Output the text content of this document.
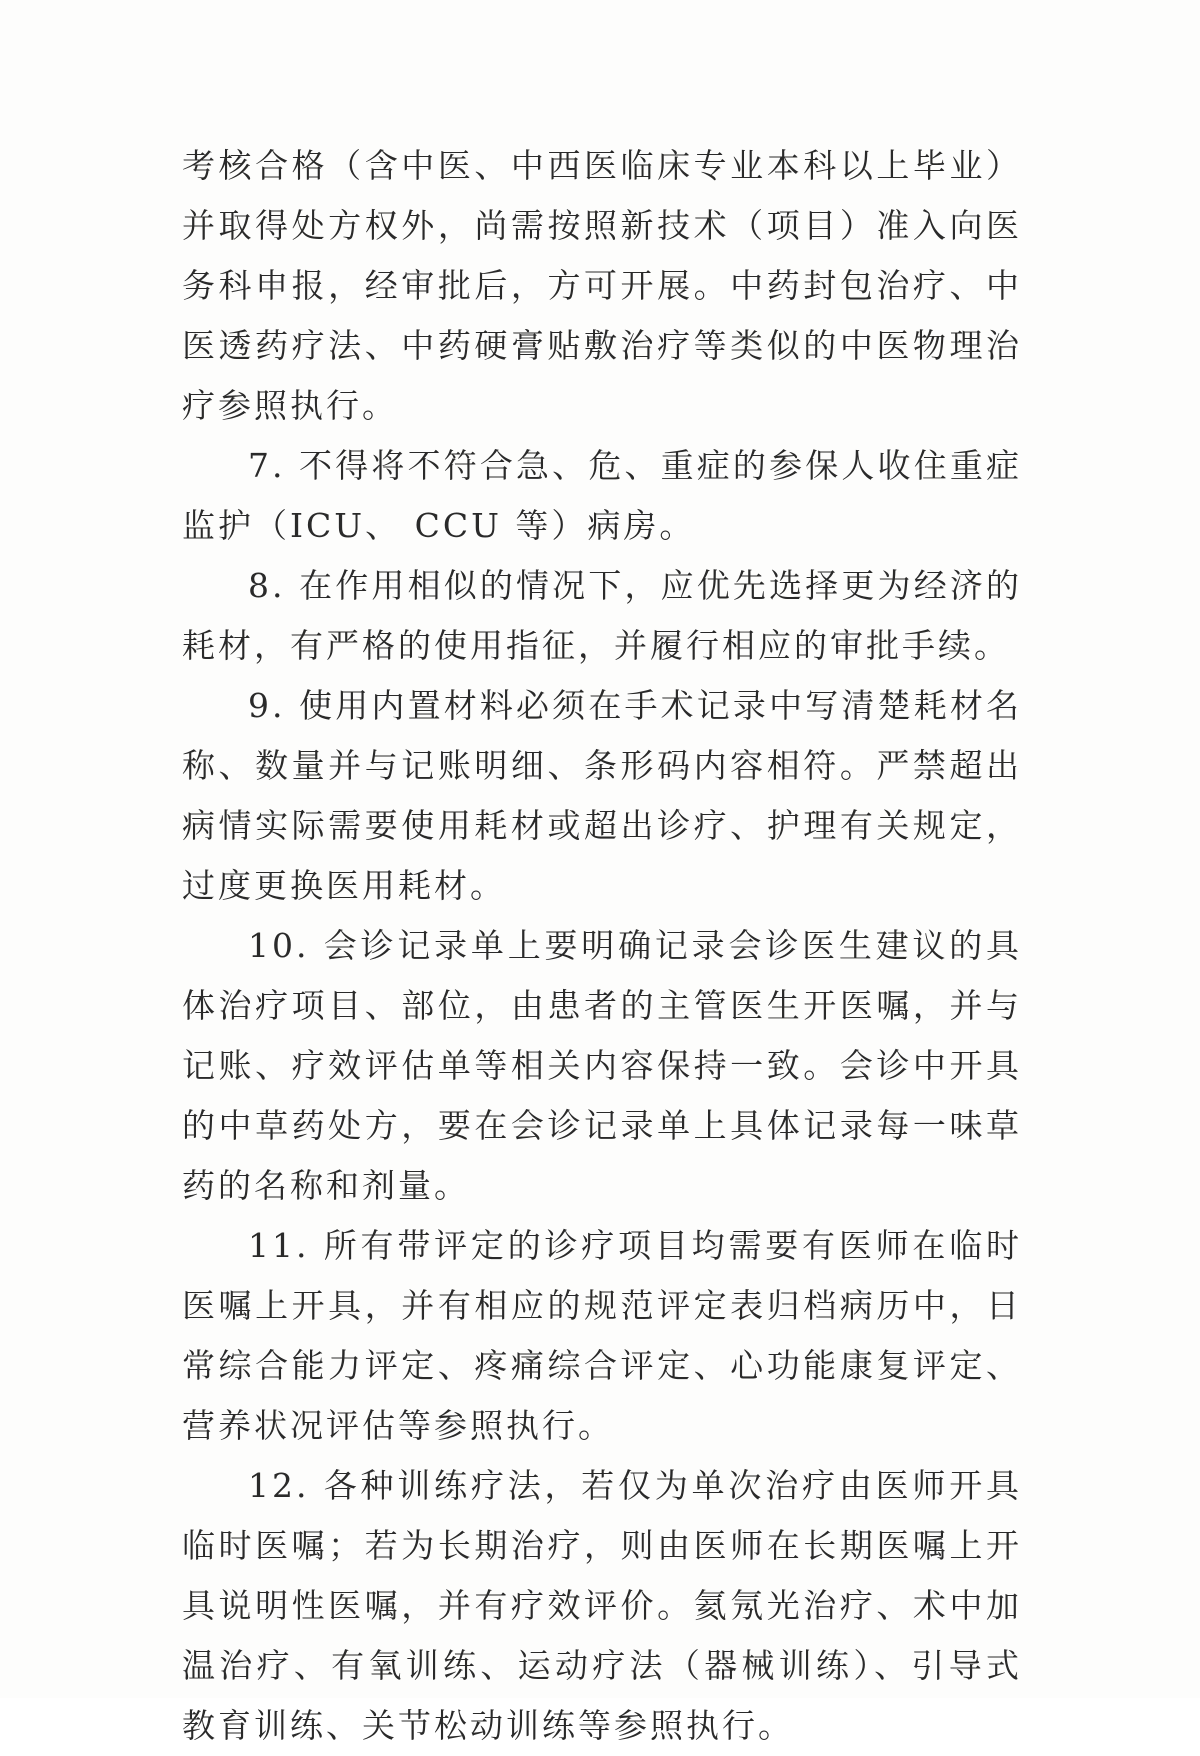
考核合格（含中医、中西医临床专业本科以上毕业）并取得处方权外，尚需按照新技术（项目）准入向医务科申报，经审批后，方可开展。中药封包治疗、中医透药疗法、中药硬膏贴敷治疗等类似的中医物理治疗参照执行。

7. 不得将不符合急、危、重症的参保人收住重症监护（ICU、 CCU 等）病房。

8. 在作用相似的情况下，应优先选择更为经济的耗材，有严格的使用指征，并履行相应的审批手续。

9. 使用内置材料必须在手术记录中写清楚耗材名称、数量并与记账明细、条形码内容相符。严禁超出病情实际需要使用耗材或超出诊疗、护理有关规定，过度更换医用耗材。

10. 会诊记录单上要明确记录会诊医生建议的具体治疗项目、部位，由患者的主管医生开医嘱，并与记账、疗效评估单等相关内容保持一致。会诊中开具的中草药处方，要在会诊记录单上具体记录每一味草药的名称和剂量。

11. 所有带评定的诊疗项目均需要有医师在临时医嘱上开具，并有相应的规范评定表归档病历中，日常综合能力评定、疼痛综合评定、心功能康复评定、营养状况评估等参照执行。

12. 各种训练疗法，若仅为单次治疗由医师开具临时医嘱；若为长期治疗，则由医师在长期医嘱上开具说明性医嘱，并有疗效评价。氦氖光治疗、术中加温治疗、有氧训练、运动疗法（器械训练）、引导式教育训练、关节松动训练等参照执行。
